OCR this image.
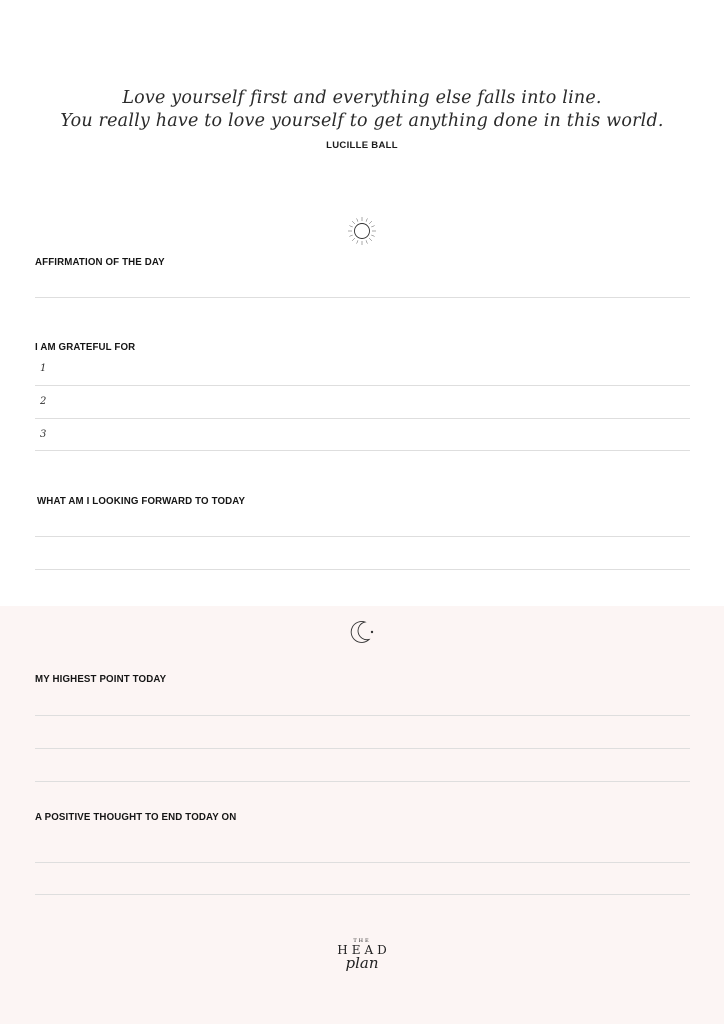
Love yourself first and everything else falls into line.
You really have to love yourself to get anything done in this world.
LUCILLE BALL
AFFIRMATION OF THE DAY
I AM GRATEFUL FOR
1
2
3
WHAT AM I LOOKING FORWARD TO TODAY
MY HIGHEST POINT TODAY
A POSITIVE THOUGHT TO END TODAY ON
THE
HEAD
plan
